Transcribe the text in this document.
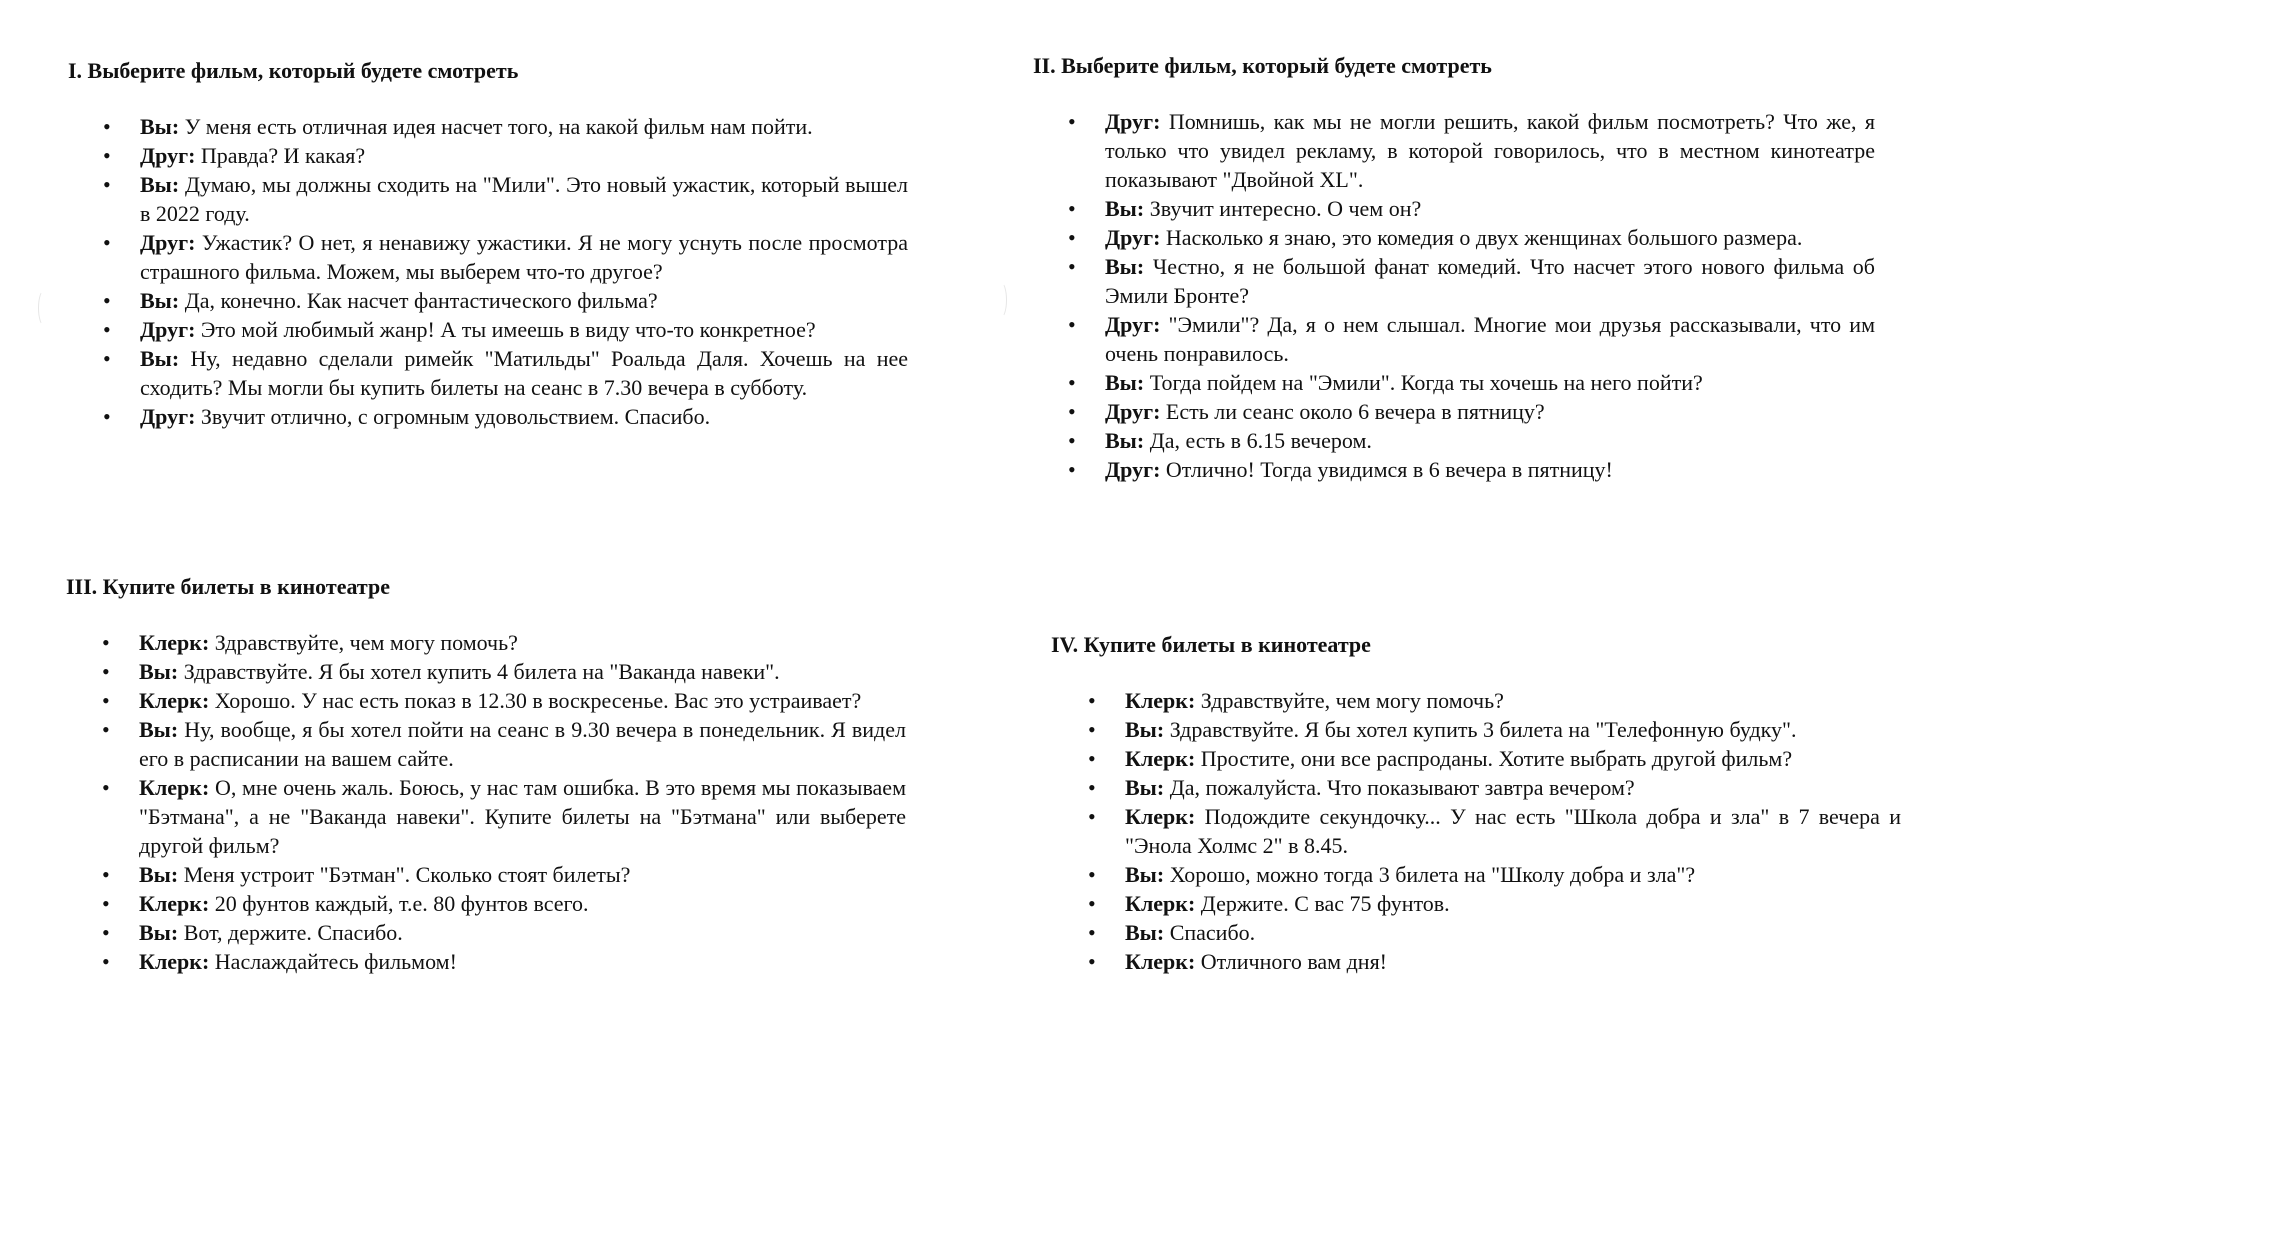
I. Выберите фильм, который будете смотреть
• Вы: У меня есть отличная идея насчет того, на какой фильм нам пойти.
• Друг: Правда? И какая?
• Вы: Думаю, мы должны сходить на "Мили". Это новый ужастик, который вышел в 2022 году.
• Друг: Ужастик? О нет, я ненавижу ужастики. Я не могу уснуть после просмотра страшного фильма. Можем, мы выберем что-то другое?
• Вы: Да, конечно. Как насчет фантастического фильма?
• Друг: Это мой любимый жанр! А ты имеешь в виду что-то конкретное?
• Вы: Ну, недавно сделали римейк "Матильды" Роальда Даля. Хочешь на нее сходить? Мы могли бы купить билеты на сеанс в 7.30 вечера в субботу.
• Друг: Звучит отлично, с огромным удовольствием. Спасибо.
II. Выберите фильм, который будете смотреть
• Друг: Помнишь, как мы не могли решить, какой фильм посмотреть? Что же, я только что увидел рекламу, в которой говорилось, что в местном кинотеатре показывают "Двойной XL".
• Вы: Звучит интересно. О чем он?
• Друг: Насколько я знаю, это комедия о двух женщинах большого размера.
• Вы: Честно, я не большой фанат комедий. Что насчет этого нового фильма об Эмили Бронте?
• Друг: "Эмили"? Да, я о нем слышал. Многие мои друзья рассказывали, что им очень понравилось.
• Вы: Тогда пойдем на "Эмили". Когда ты хочешь на него пойти?
• Друг: Есть ли сеанс около 6 вечера в пятницу?
• Вы: Да, есть в 6.15 вечером.
• Друг: Отлично! Тогда увидимся в 6 вечера в пятницу!
III. Купите билеты в кинотеатре
• Клерк: Здравствуйте, чем могу помочь?
• Вы: Здравствуйте. Я бы хотел купить 4 билета на "Ваканда навеки".
• Клерк: Хорошо. У нас есть показ в 12.30 в воскресенье. Вас это устраивает?
• Вы: Ну, вообще, я бы хотел пойти на сеанс в 9.30 вечера в понедельник. Я видел его в расписании на вашем сайте.
• Клерк: О, мне очень жаль. Боюсь, у нас там ошибка. В это время мы показываем "Бэтмана", а не "Ваканда навеки". Купите билеты на "Бэтмана" или выберете другой фильм?
• Вы: Меня устроит "Бэтман". Сколько стоят билеты?
• Клерк: 20 фунтов каждый, т.е. 80 фунтов всего.
• Вы: Вот, держите. Спасибо.
• Клерк: Наслаждайтесь фильмом!
IV. Купите билеты в кинотеатре
• Клерк: Здравствуйте, чем могу помочь?
• Вы: Здравствуйте. Я бы хотел купить 3 билета на "Телефонную будку".
• Клерк: Простите, они все распроданы. Хотите выбрать другой фильм?
• Вы: Да, пожалуйста. Что показывают завтра вечером?
• Клерк: Подождите секундочку... У нас есть "Школа добра и зла" в 7 вечера и "Энола Холмс 2" в 8.45.
• Вы: Хорошо, можно тогда 3 билета на "Школу добра и зла"?
• Клерк: Держите. С вас 75 фунтов.
• Вы: Спасибо.
• Клерк: Отличного вам дня!
